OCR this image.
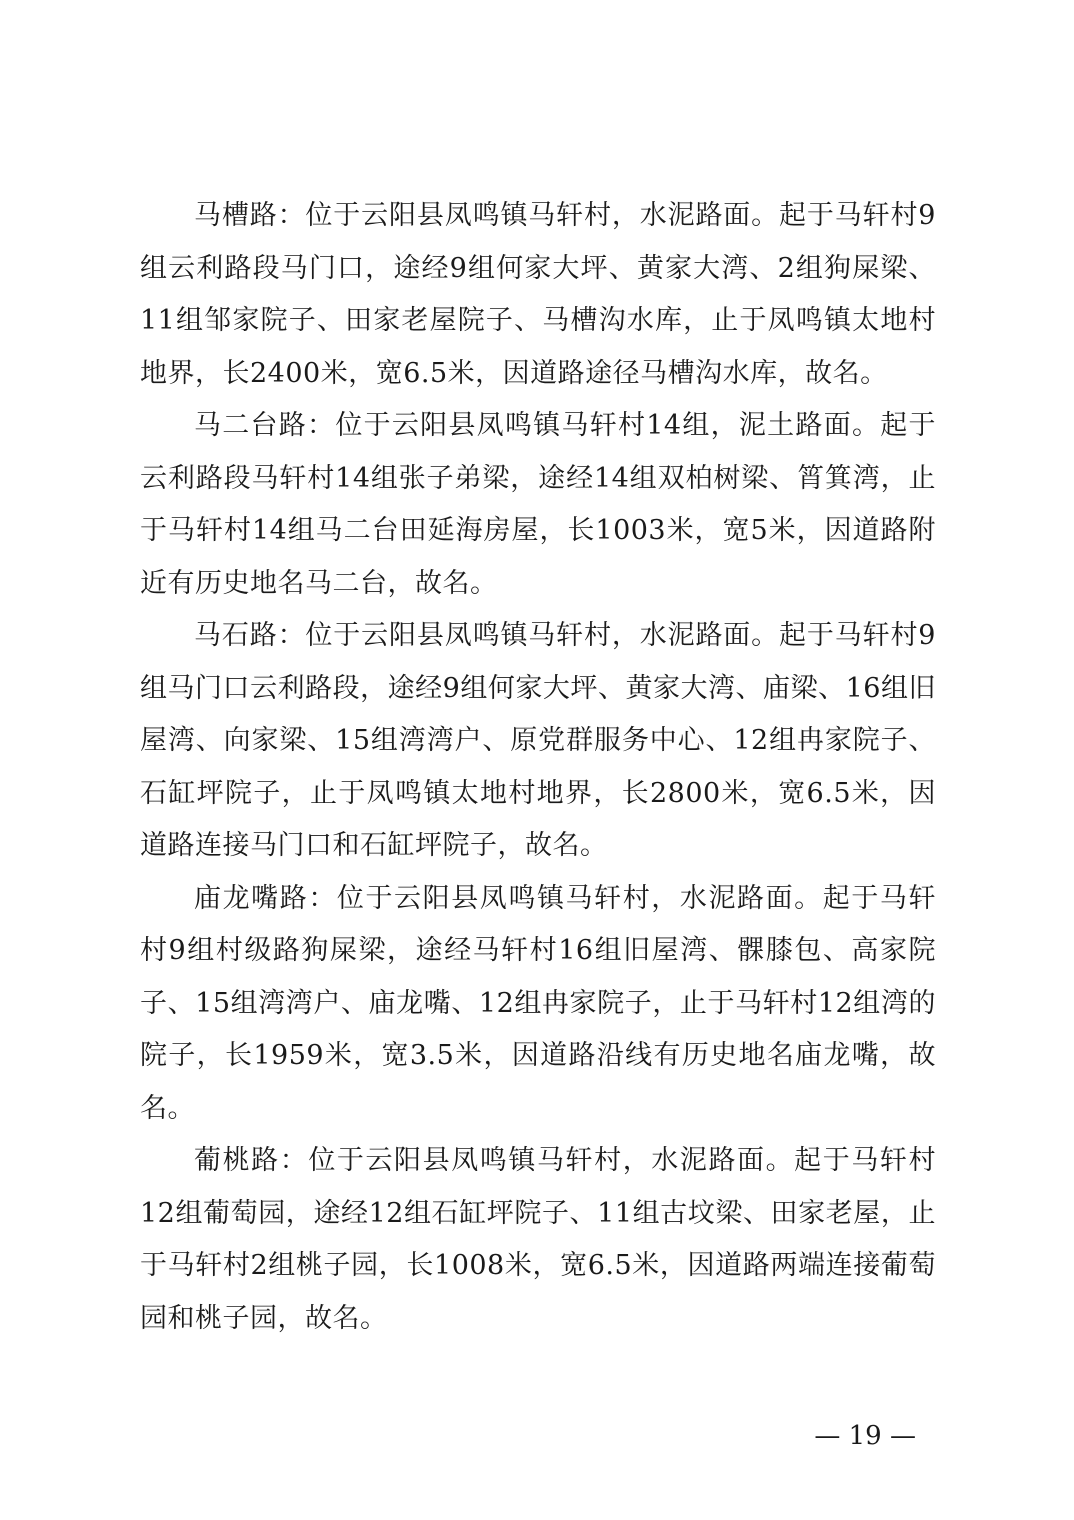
马槽路：位于云阳县凤鸣镇马轩村，水泥路面。起于马轩村9组云利路段马门口，途经9组何家大坪、黄家大湾、2组狗屎梁、11组邹家院子、田家老屋院子、马槽沟水库，止于凤鸣镇太地村地界，长2400米，宽6.5米，因道路途径马槽沟水库，故名。

马二台路：位于云阳县凤鸣镇马轩村14组，泥土路面。起于云利路段马轩村14组张子弟梁，途经14组双柏树梁、筲箕湾，止于马轩村14组马二台田延海房屋，长1003米，宽5米，因道路附近有历史地名马二台，故名。

马石路：位于云阳县凤鸣镇马轩村，水泥路面。起于马轩村9组马门口云利路段，途经9组何家大坪、黄家大湾、庙梁、16组旧屋湾、向家梁、15组湾湾户、原党群服务中心、12组冉家院子、石缸坪院子，止于凤鸣镇太地村地界，长2800米，宽6.5米，因道路连接马门口和石缸坪院子，故名。

庙龙嘴路：位于云阳县凤鸣镇马轩村，水泥路面。起于马轩村9组村级路狗屎梁，途经马轩村16组旧屋湾、髁膝包、高家院子、15组湾湾户、庙龙嘴、12组冉家院子，止于马轩村12组湾的院子，长1959米，宽3.5米，因道路沿线有历史地名庙龙嘴，故名。

葡桃路：位于云阳县凤鸣镇马轩村，水泥路面。起于马轩村12组葡萄园，途经12组石缸坪院子、11组古坟梁、田家老屋，止于马轩村2组桃子园，长1008米，宽6.5米，因道路两端连接葡萄园和桃子园，故名。

— 19 —
